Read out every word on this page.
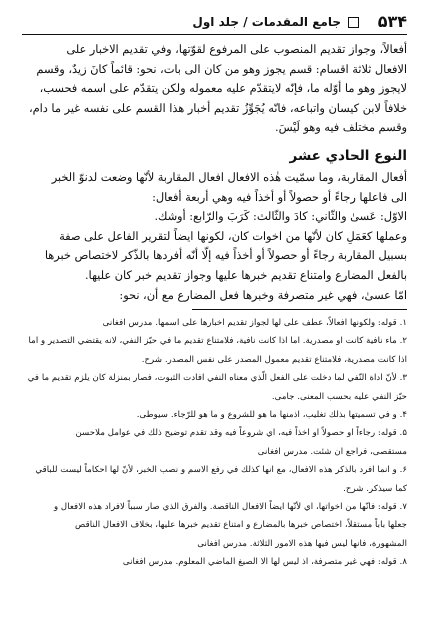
۵۳۴
جامع المقدمات / جلد اول

أفعالاً، وجواز تقديم المنصوب على المرفوع لقوّتها، وفي تقديم الاخبار على

الافعال ثلاثة اقسام: قسم يجوز وهو من كان الى بات، نحو: قائماً كانَ زيدٌ، وقسم

لايجوز وهو ما أوّله ما، فإنّه لايتقدّم عليه معموله ولكن يتقدّم على اسمه فحسب،

خلافاً لابن كيسان واتباعه، فانّه يُجَوِّزُ تقديم أخبار هذا القسم على نفسه غير ما دام،

وقسم مختلف فيه وهو لَيْسَ.

النوع الحادي عشر

أفعال المقاربة، وما سمّيت هٰذه الافعال افعال المقاربة لأنّها وضعت لدنوّ الخبر

الى فاعلها رجاءً أو حصولاً أو أخذاً فيه وهي أربعة أفعال:

الاوّل: عَسىٰ والثّاني: كادَ والثّالث: كَرَبَ والرّابع: أوشك.

وعملها كعَمَلِ كان لأنّها من اخوات كان، لكونها ايضاً لتقرير الفاعل على صفة

بسبيل المقاربة رجاءً أو حصولاً أو أخذاً فيه إلّا أنّه أفردها بالذّكر لاختصاص خبرها

بالفعل المضارع وامتناع تقديم خبرها عليها وجواز تقديم خبر كان عليها.

امّا عسىٰ، فهي غير متصرفة وخبرها فعل المضارع مع أن، نحو:

۱. قوله: ولكونها افعالاً، عطف على لها لجواز تقديم اخبارها على اسمها. مدرس افغانی

۲. ماء نافية كانت او مصدرية. اما اذا كانت نافية، فلامتناع تقديم ما في حيّز النفي، لانه يقتضي التصدير و اما

اذا كانت مصدرية، فلامتناع تقديم معمول المصدر على نفس المصدر. شرح.

۳. لأنّ اداة النّفي لما دخلت على الفعل الّذي معناه النفي افادت الثبوت، فصار بمنزلة كان يلزم تقديم ما في

حيّز النفي عليه بحسب المعنى. جامی.

۴. و في تسميتها بذلك تغليب، اذمنها ما هو للشروع و ما هو للرّجاء. سيوطی.

۵. قوله: رجاءاً او حصولاً او اخذاً فيه، اي شروعاً فيه وقد تقدم توضيح ذلك في عوامل ملاحسن

مستقصى، فراجع ان شئت. مدرس افغانی

۶. و انما افرد بالذكر هذه الافعال، مع انها كذلك في رفع الاسم و نصب الخبر، لأنّ لها احكاماً ليست للباقي

كما سيذكر. شرح.

۷. قوله: فانّها من اخواتها، اي لأنّها ايضاً الافعال الناقصة. والفرق الذي صار سبباً لافراد هذه الافعال و

جعلها باباً مستقلاً، اختصاص خبرها بالمضارع و امتناع تقديم خبرها عليها، بخلاف الافعال الناقص

المشهورة، فانها ليس فيها هذه الامور الثلاثة. مدرس افغانی

۸. قوله: فهي غير متصرفة، اذ ليس لها الا الصيغ الماضي المعلوم. مدرس افغانی
